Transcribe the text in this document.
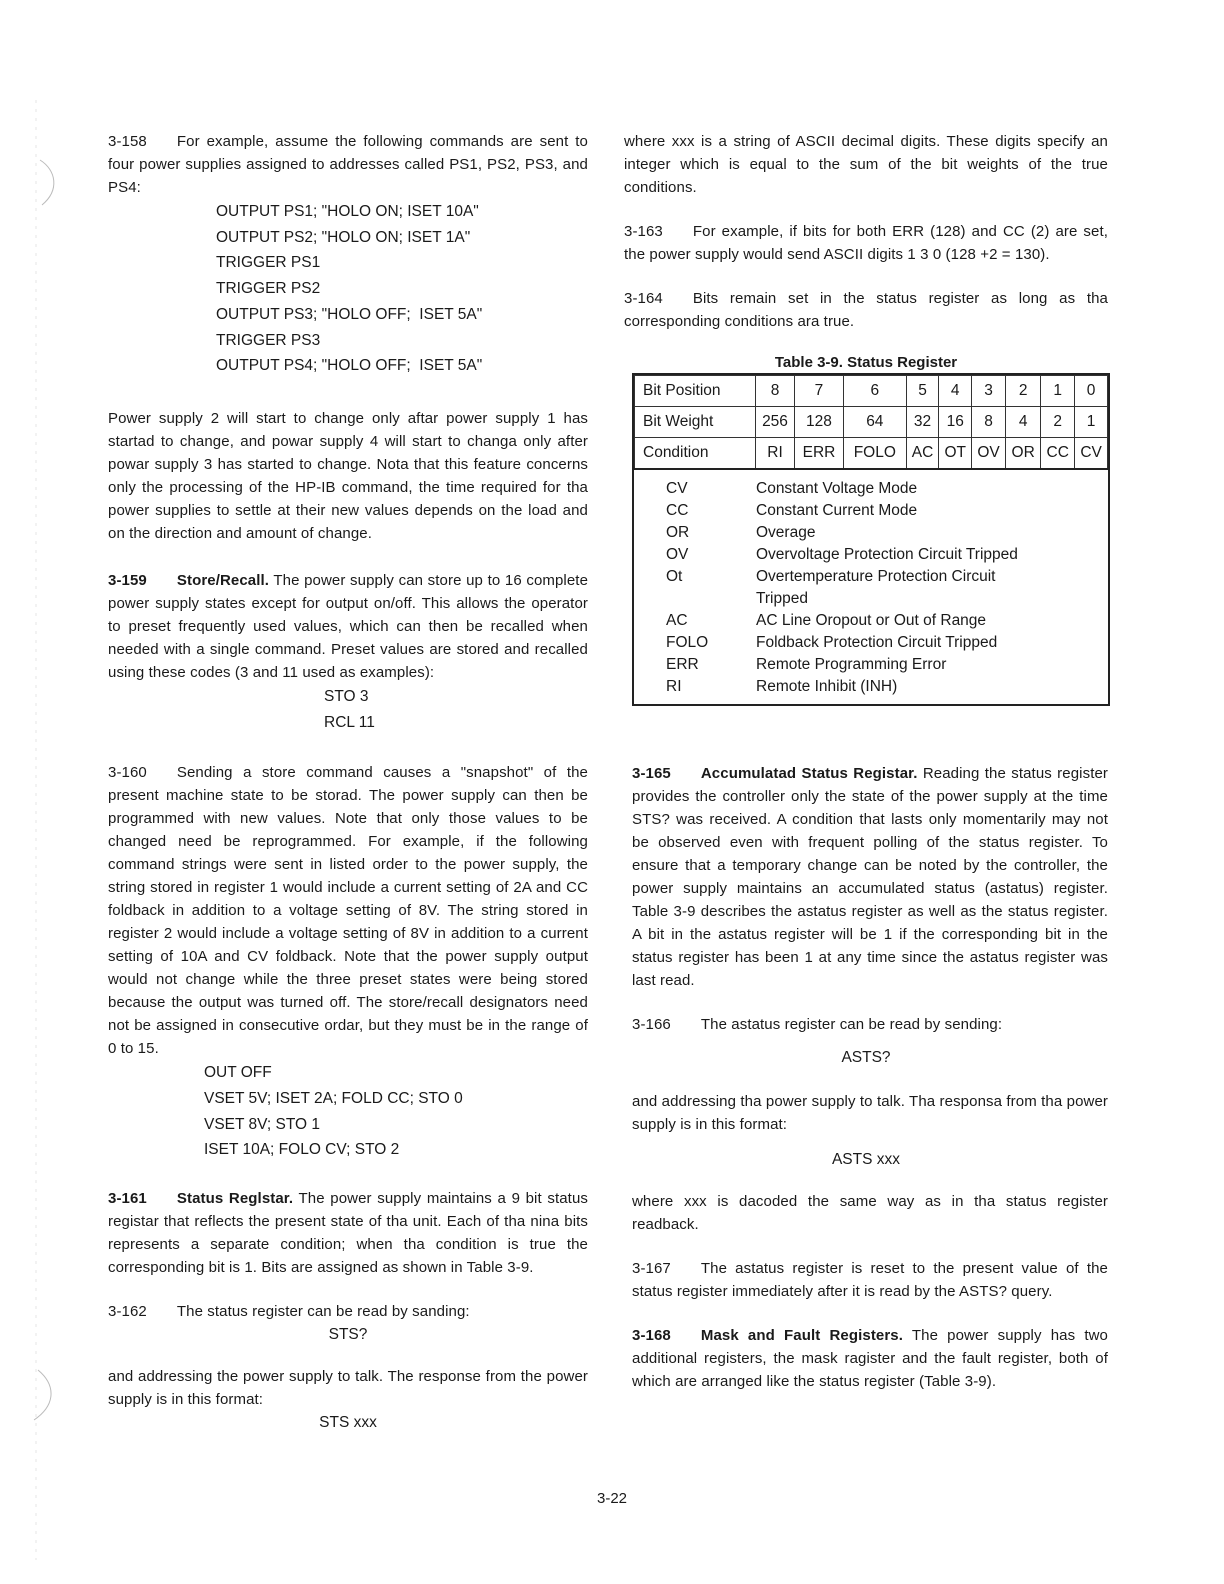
3-158 For example, assume the following commands are sent to four power supplies assigned to addresses called PS1, PS2, PS3, and PS4:

OUTPUT PS1; "HOLO ON; ISET 10A"
OUTPUT PS2; "HOLO ON; ISET 1A"
TRIGGER PS1
TRIGGER PS2
OUTPUT PS3; "HOLO OFF;  ISET 5A"
TRIGGER PS3
OUTPUT PS4; "HOLO OFF;  ISET 5A"

Power supply 2 will start to change only aftar power supply 1 has startad to change, and powar supply 4 will start to changa only after powar supply 3 has started to change. Nota that this feature concerns only the processing of the HP-IB command, the time required for tha power supplies to settle at their new values depends on the load and on the direction and amount of change.

3-159 Store/Recall. The power supply can store up to 16 complete power supply states except for output on/off. This allows the operator to preset frequently used values, which can then be recalled when needed with a single command. Preset values are stored and recalled using these codes (3 and 11 used as examples):

STO 3
RCL 11

3-160 Sending a store command causes a "snapshot" of the present machine state to be storad. The power supply can then be programmed with new values. Note that only those values to be changed need be reprogrammed. For example, if the following command strings were sent in listed order to the power supply, the string stored in register 1 would include a current setting of 2A and CC foldback in addition to a voltage setting of 8V. The string stored in register 2 would include a voltage setting of 8V in addition to a current setting of 10A and CV foldback. Note that the power supply output would not change while the three preset states were being stored because the output was turned off. The store/recall designators need not be assigned in consecutive ordar, but they must be in the range of 0 to 15.

OUT OFF
VSET 5V; ISET 2A; FOLD CC; STO 0
VSET 8V; STO 1
ISET 10A; FOLO CV; STO 2

3-161 Status Reglstar. The power supply maintains a 9 bit status registar that reflects the present state of tha unit. Each of tha nina bits represents a separate condition; when tha condition is true the corresponding bit is 1. Bits are assigned as shown in Table 3-9.

3-162 The status register can be read by sanding:

STS?

and addressing the power supply to talk. The response from the power supply is in this format:

STS xxx

where xxx is a string of ASCII decimal digits. These digits specify an integer which is equal to the sum of the bit weights of the true conditions.

3-163 For example, if bits for both ERR (128) and CC (2) are set, the power supply would send ASCII digits 1 3 0 (128 +2 = 130).

3-164 Bits remain set in the status register as long as tha corresponding conditions ara true.

Table 3-9. Status Register
Bit Position	8	7	6	5	4	3	2	1	0
Bit Weight	256	128	64	32	16	8	4	2	1
Condition	RI	ERR	FOLO	AC	OT	OV	OR	CC	CV
CV	Constant Voltage Mode
CC	Constant Current Mode
OR	Overage
OV	Overvoltage Protection Circuit Tripped
Ot	Overtemperature Protection Circuit Tripped
AC	AC Line Oropout or Out of Range
FOLO	Foldback Protection Circuit Tripped
ERR	Remote Programming Error
RI	Remote Inhibit (INH)

3-165 Accumulatad Status Registar. Reading the status register provides the controller only the state of the power supply at the time STS? was received. A condition that lasts only momentarily may not be observed even with frequent polling of the status register. To ensure that a temporary change can be noted by the controller, the power supply maintains an accumulated status (astatus) register. Table 3-9 describes the astatus register as well as the status register. A bit in the astatus register will be 1 if the corresponding bit in the status register has been 1 at any time since the astatus register was last read.

3-166 The astatus register can be read by sending:

ASTS?

and addressing tha power supply to talk. Tha responsa from tha power supply is in this format:

ASTS xxx

where xxx is dacoded the same way as in tha status register readback.

3-167 The astatus register is reset to the present value of the status register immediately after it is read by the ASTS? query.

3-168 Mask and Fault Registers. The power supply has two additional registers, the mask ragister and the fault register, both of which are arranged like the status register (Table 3-9).

3-22
